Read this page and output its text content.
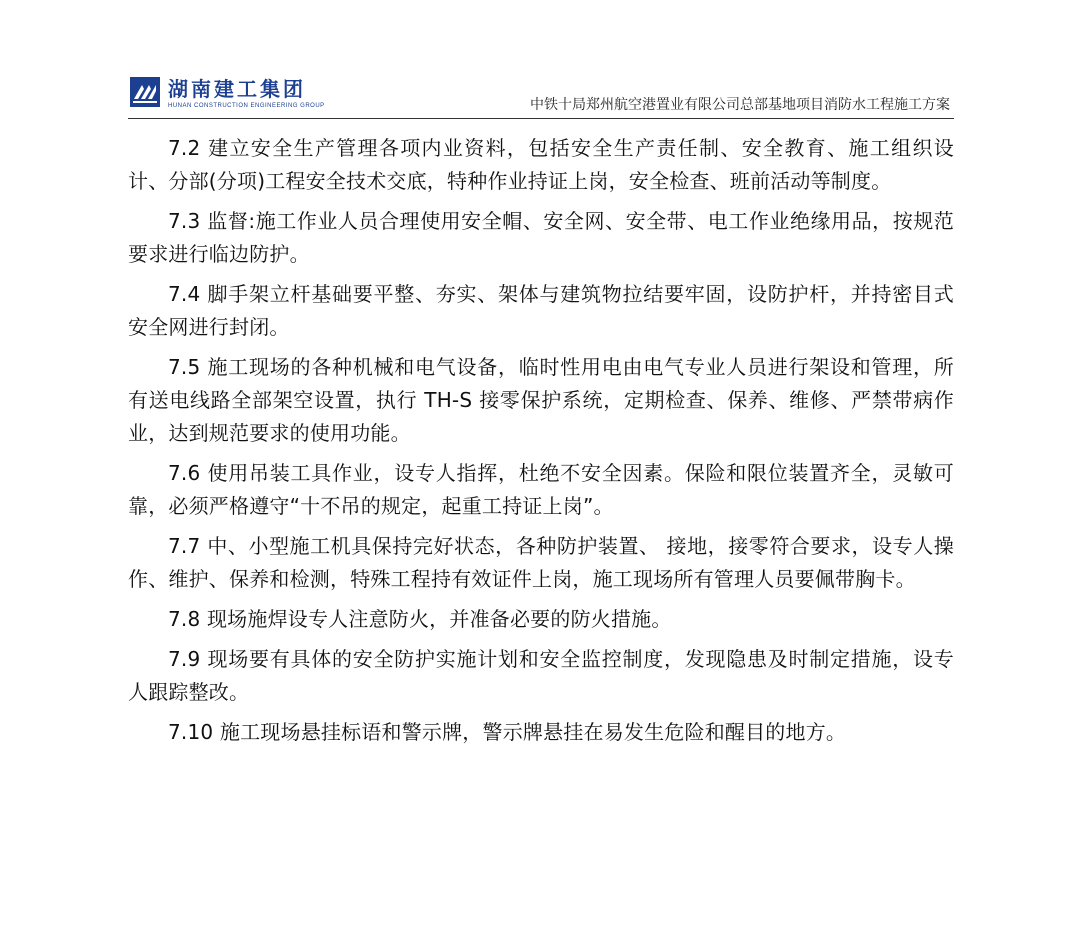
湖南建工集团
HUNAN CONSTRUCTION ENGINEERING GROUP	中铁十局郑州航空港置业有限公司总部基地项目消防水工程施工方案

7.2 建立安全生产管理各项内业资料，包括安全生产责任制、安全教育、施工组织设计、分部(分项)工程安全技术交底，特种作业持证上岗，安全检查、班前活动等制度。

7.3 监督:施工作业人员合理使用安全帽、安全网、安全带、电工作业绝缘用品，按规范要求进行临边防护。

7.4 脚手架立杆基础要平整、夯实、架体与建筑物拉结要牢固，设防护杆，并持密目式安全网进行封闭。

7.5 施工现场的各种机械和电气设备，临时性用电由电气专业人员进行架设和管理，所有送电线路全部架空设置，执行 TH-S 接零保护系统，定期检查、保养、维修、严禁带病作业，达到规范要求的使用功能。

7.6 使用吊装工具作业，设专人指挥，杜绝不安全因素。保险和限位装置齐全，灵敏可靠，必须严格遵守“十不吊的规定，起重工持证上岗”。

7.7 中、小型施工机具保持完好状态，各种防护装置、 接地，接零符合要求，设专人操作、维护、保养和检测，特殊工程持有效证件上岗，施工现场所有管理人员要佩带胸卡。

7.8 现场施焊设专人注意防火，并准备必要的防火措施。

7.9 现场要有具体的安全防护实施计划和安全监控制度，发现隐患及时制定措施，设专人跟踪整改。

7.10 施工现场悬挂标语和警示牌，警示牌悬挂在易发生危险和醒目的地方。
